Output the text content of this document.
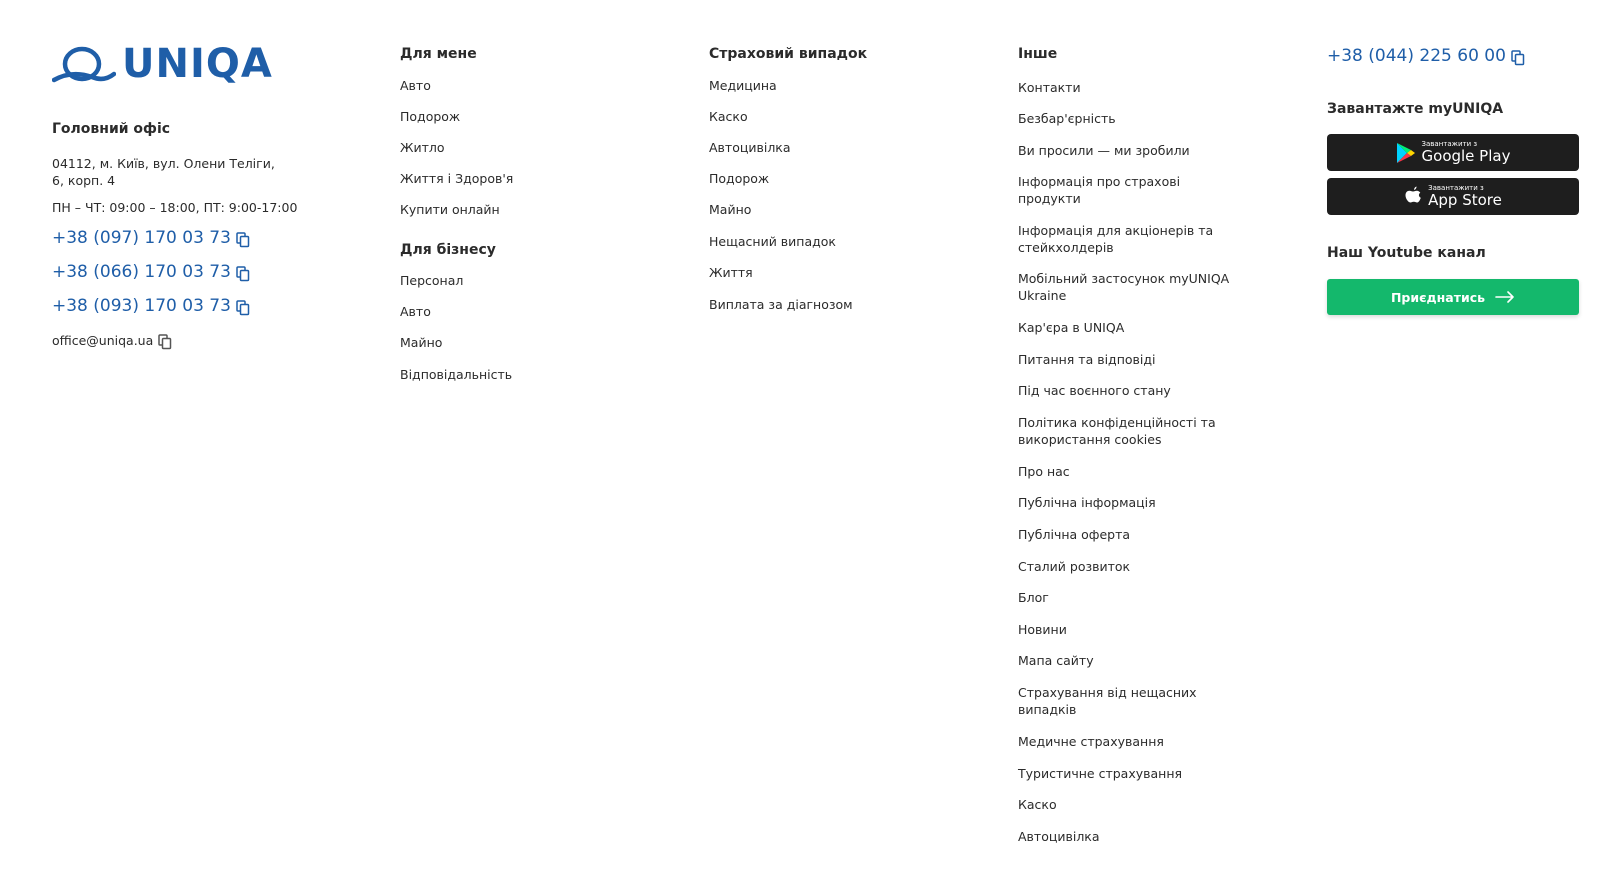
UNIQA
Головний офіс
04112, м. Київ, вул. Олени Теліги, 6, корп. 4
ПН – ЧТ: 09:00 – 18:00, ПТ: 9:00-17:00
+38 (097) 170 03 73
+38 (066) 170 03 73
+38 (093) 170 03 73
office@uniqa.ua
Для мене
Авто
Подорож
Житло
Життя і Здоров'я
Купити онлайн
Для бізнесу
Персонал
Авто
Майно
Відповідальність
Страховий випадок
Медицина
Каско
Автоцивілка
Подорож
Майно
Нещасний випадок
Життя
Виплата за діагнозом
Інше
Контакти
Безбар'єрність
Ви просили — ми зробили
Інформація про страхові продукти
Інформація для акціонерів та стейкхолдерів
Мобільний застосунок myUNIQA Ukraine
Кар'єра в UNIQA
Питання та відповіді
Під час воєнного стану
Політика конфіденційності та використання cookies
Про нас
Публічна інформація
Публічна оферта
Сталий розвиток
Блог
Новини
Мапа сайту
Страхування від нещасних випадків
Медичне страхування
Туристичне страхування
Каско
Автоцивілка
+38 (044) 225 60 00
Завантажте myUNIQA
Завантажити з
Google Play
Завантажити з
App Store
Наш Youtube канал
Приєднатись
